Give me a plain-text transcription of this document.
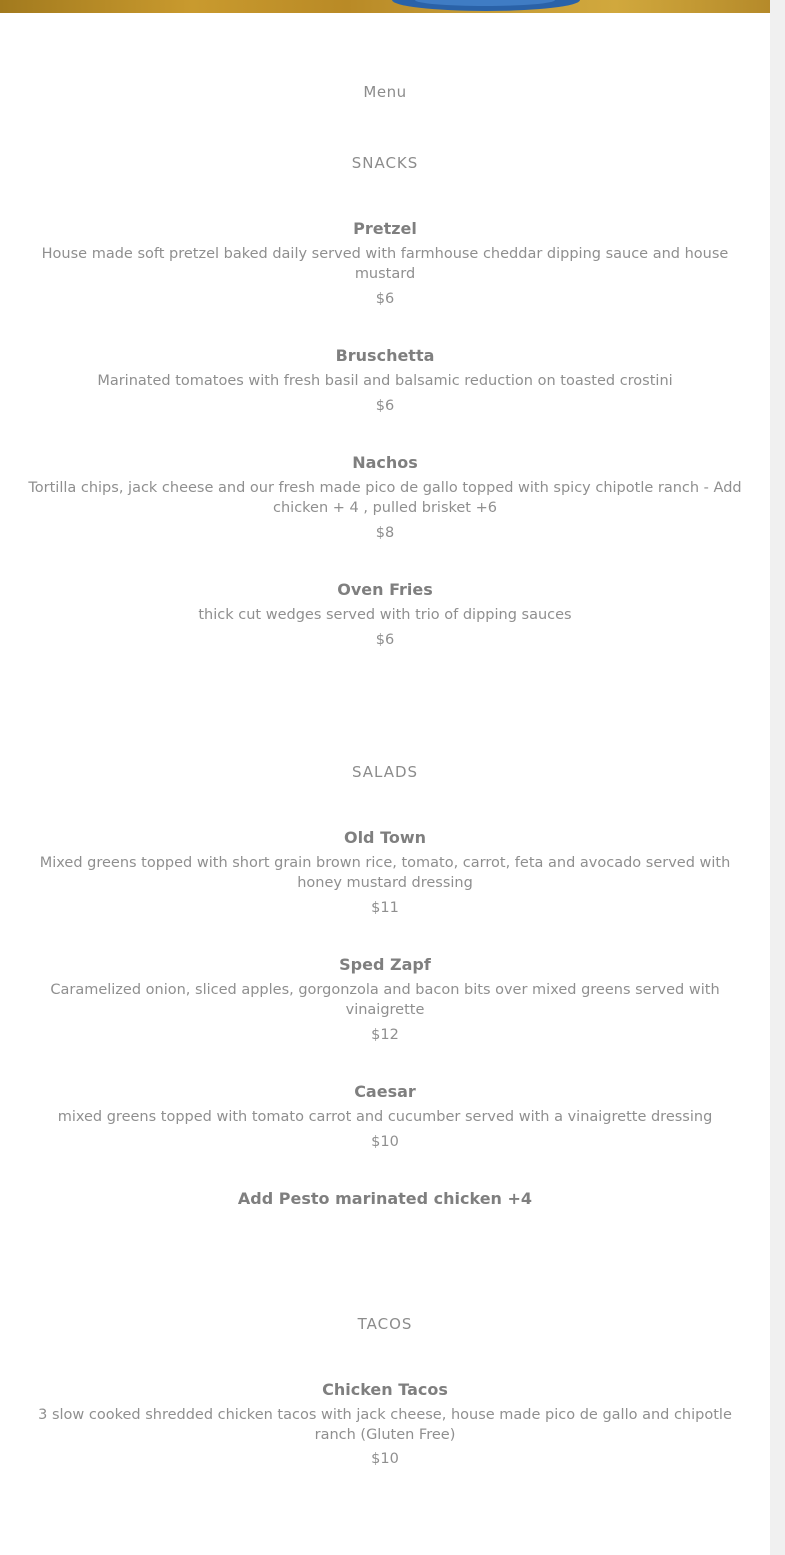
Menu
SNACKS
Pretzel
House made soft pretzel baked daily served with farmhouse cheddar dipping sauce and house mustard
$6
Bruschetta
Marinated tomatoes with fresh basil and balsamic reduction on toasted crostini
$6
Nachos
Tortilla chips, jack cheese and our fresh made pico de gallo topped with spicy chipotle ranch - Add chicken + 4 , pulled brisket +6
$8
Oven Fries
thick cut wedges served with trio of dipping sauces
$6
SALADS
Old Town
Mixed greens topped with short grain brown rice, tomato, carrot, feta and avocado served with honey mustard dressing
$11
Sped Zapf
Caramelized onion, sliced apples, gorgonzola and bacon bits over mixed greens served with vinaigrette
$12
Caesar
mixed greens topped with tomato carrot and cucumber served with a vinaigrette dressing
$10
Add Pesto marinated chicken +4
TACOS
Chicken Tacos
3 slow cooked shredded chicken tacos with jack cheese, house made pico de gallo and chipotle ranch (Gluten Free)
$10
